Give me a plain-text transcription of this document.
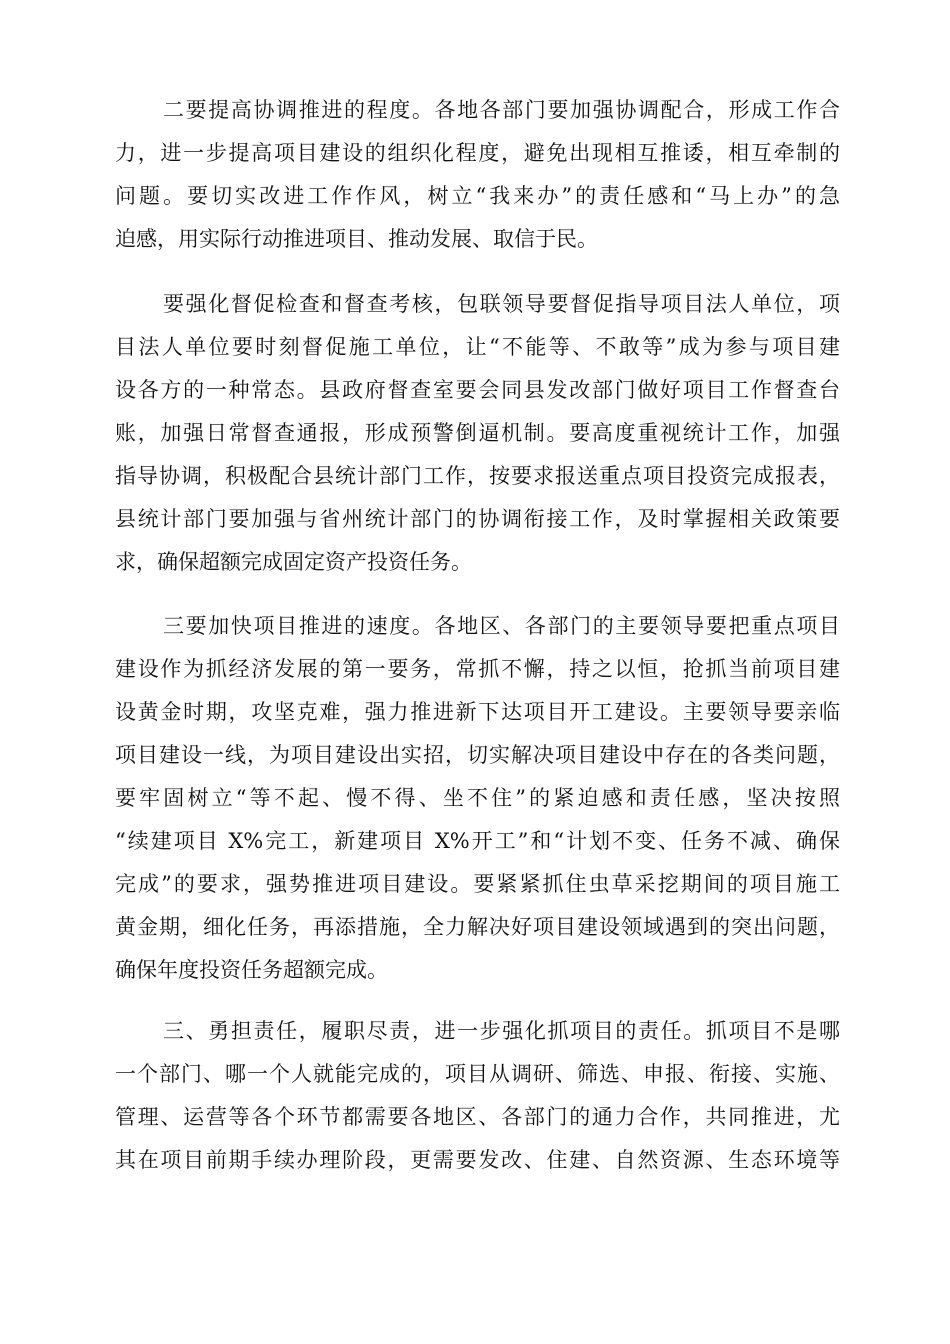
二要提高协调推进的程度。各地各部门要加强协调配合，形成工作合
力，进一步提高项目建设的组织化程度，避免出现相互推诿，相互牵制的
问题。要切实改进工作作风，树立“我来办”的责任感和“马上办”的急
迫感，用实际行动推进项目、推动发展、取信于民。
要强化督促检查和督查考核，包联领导要督促指导项目法人单位，项
目法人单位要时刻督促施工单位，让“不能等、不敢等”成为参与项目建
设各方的一种常态。县政府督查室要会同县发改部门做好项目工作督查台
账，加强日常督查通报，形成预警倒逼机制。要高度重视统计工作，加强
指导协调，积极配合县统计部门工作，按要求报送重点项目投资完成报表，
县统计部门要加强与省州统计部门的协调衔接工作，及时掌握相关政策要
求，确保超额完成固定资产投资任务。
三要加快项目推进的速度。各地区、各部门的主要领导要把重点项目
建设作为抓经济发展的第一要务，常抓不懈，持之以恒，抢抓当前项目建
设黄金时期，攻坚克难，强力推进新下达项目开工建设。主要领导要亲临
项目建设一线，为项目建设出实招，切实解决项目建设中存在的各类问题，
要牢固树立“等不起、慢不得、坐不住”的紧迫感和责任感，坚决按照
“续建项目 X%完工，新建项目 X%开工”和“计划不变、任务不减、确保
完成”的要求，强势推进项目建设。要紧紧抓住虫草采挖期间的项目施工
黄金期，细化任务，再添措施，全力解决好项目建设领域遇到的突出问题，
确保年度投资任务超额完成。
三、勇担责任，履职尽责，进一步强化抓项目的责任。抓项目不是哪
一个部门、哪一个人就能完成的，项目从调研、筛选、申报、衔接、实施、
管理、运营等各个环节都需要各地区、各部门的通力合作，共同推进，尤
其在项目前期手续办理阶段，更需要发改、住建、自然资源、生态环境等
